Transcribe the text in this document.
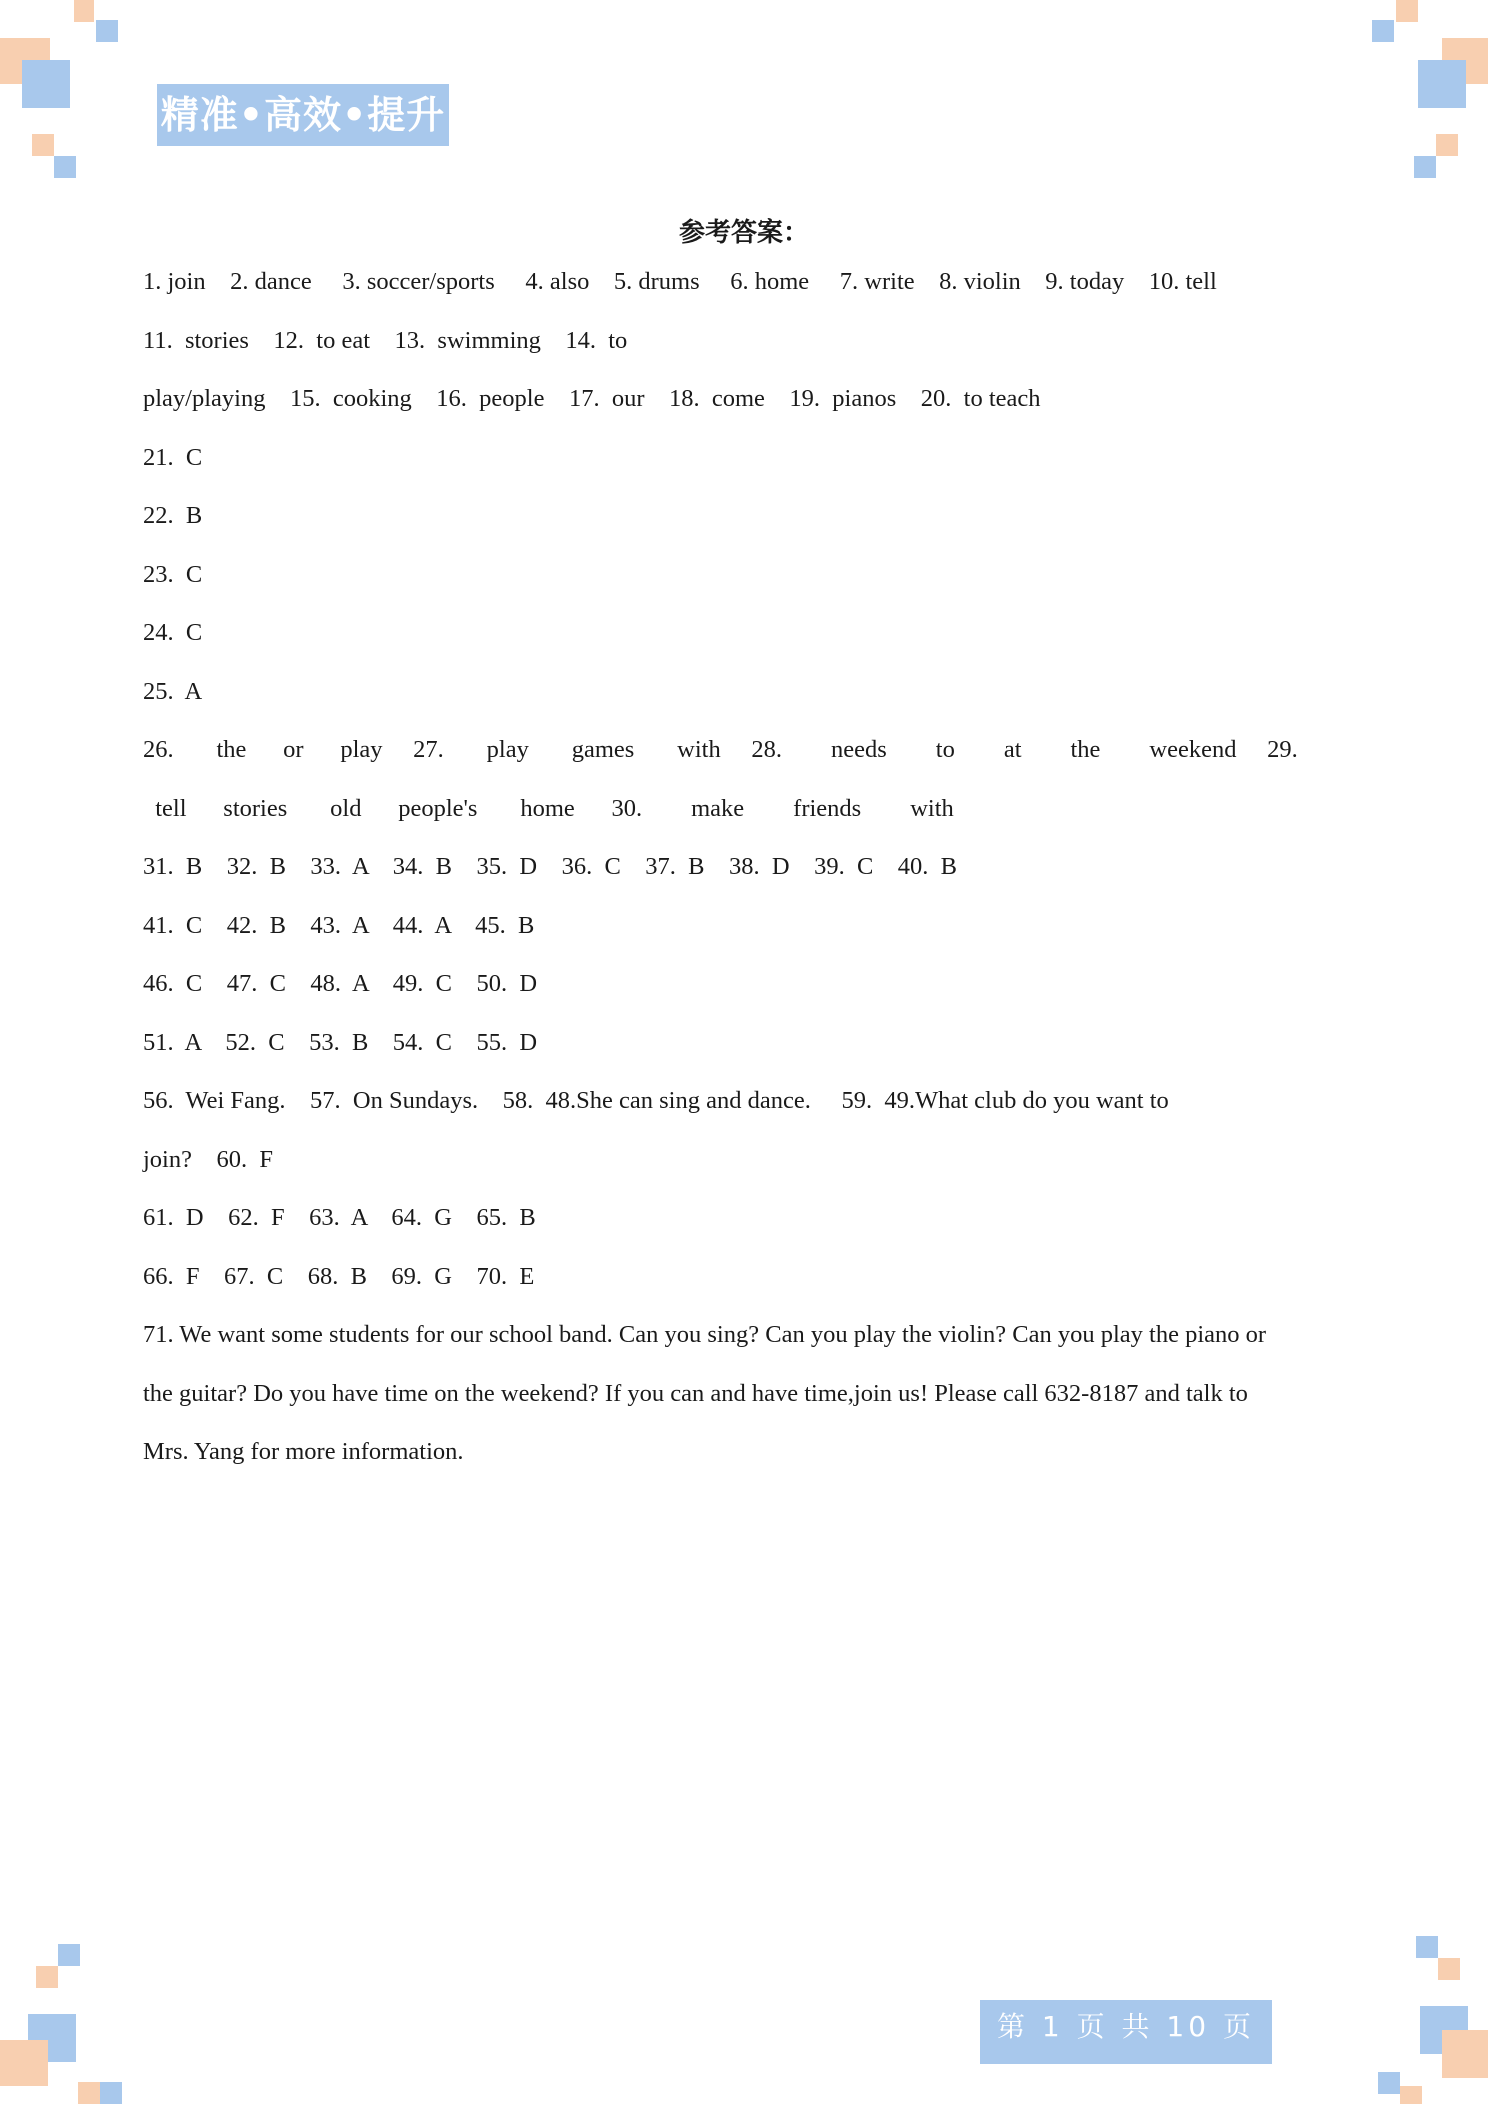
精准•高效•提升
参考答案：
1. join    2. dance     3. soccer/sports     4. also    5. drums     6. home     7. write    8. violin    9. today    10. tell
11.  stories    12.  to eat    13.  swimming    14.  to
play/playing    15.  cooking    16.  people    17.  our    18.  come    19.  pianos    20.  to teach
21.  C
22.  B
23.  C
24.  C
25.  A
26.       the      or      play     27.       play       games       with     28.        needs        to        at        the        weekend     29.
tell      stories       old      people's       home      30.        make        friends        with
31.  B    32.  B    33.  A    34.  B    35.  D    36.  C    37.  B    38.  D    39.  C    40.  B
41.  C    42.  B    43.  A    44.  A    45.  B
46.  C    47.  C    48.  A    49.  C    50.  D
51.  A    52.  C    53.  B    54.  C    55.  D
56.  Wei Fang.    57.  On Sundays.    58.  48.She can sing and dance.     59.  49.What club do you want to
join?    60.  F
61.  D    62.  F    63.  A    64.  G    65.  B
66.  F    67.  C    68.  B    69.  G    70.  E
71. We want some students for our school band. Can you sing? Can you play the violin? Can you play the piano or
the guitar? Do you have time on the weekend? If you can and have time,join us! Please call 632-8187 and talk to
Mrs. Yang for more information.
第 1 页 共 10 页
